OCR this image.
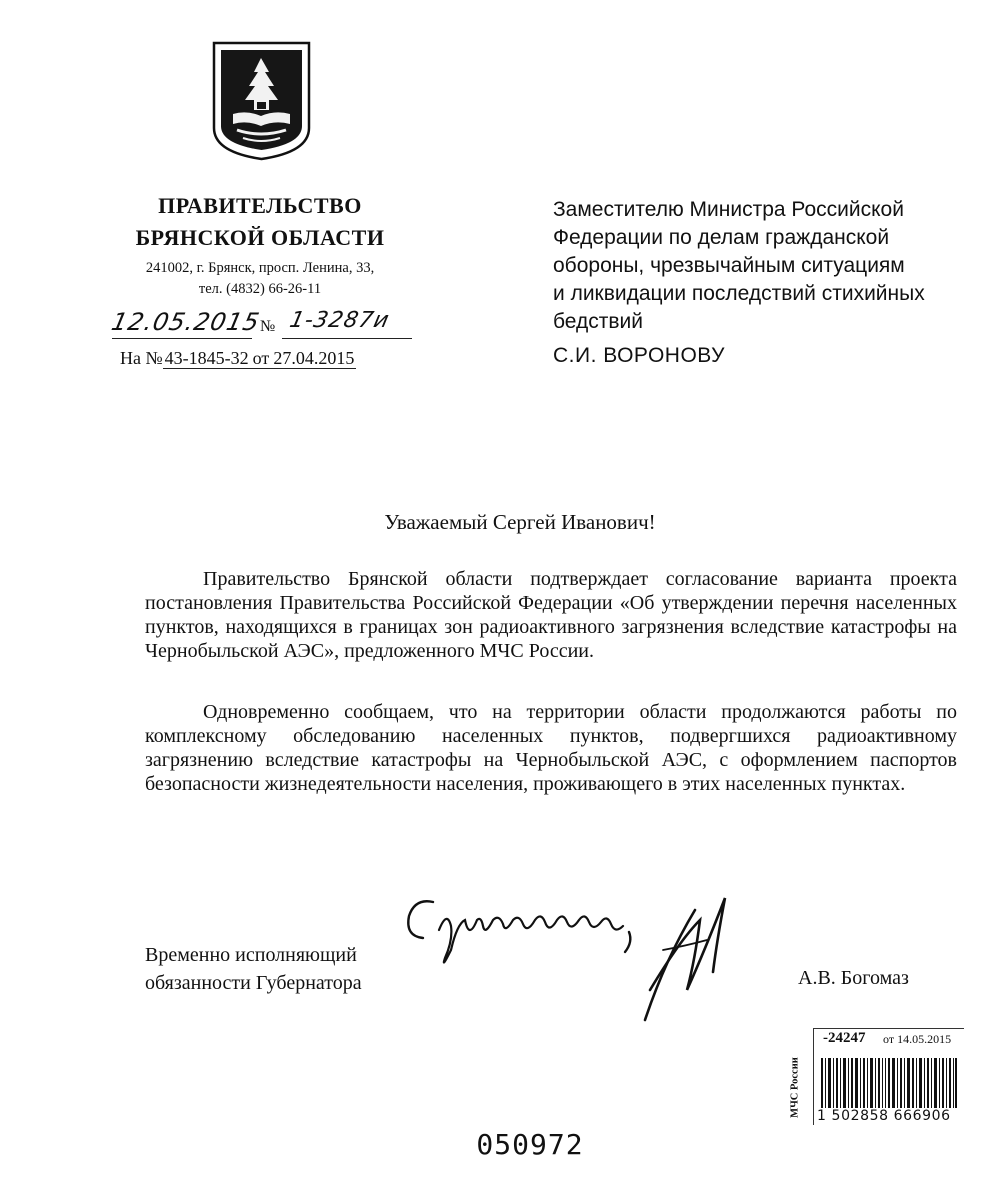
ПРАВИТЕЛЬСТВО
БРЯНСКОЙ ОБЛАСТИ
241002, г. Брянск, просп. Ленина, 33,
тел. (4832) 66-26-11
12.05.2015
№ 1-3287и
На № 43-1845-32 от 27.04.2015
Заместителю Министра Российской
Федерации по делам гражданской
обороны, чрезвычайным ситуациям
и ликвидации последствий стихийных
бедствий
С.И. ВОРОНОВУ
Уважаемый Сергей Иванович!
Правительство Брянской области подтверждает согласование варианта проекта постановления Правительства Российской Федерации «Об утверждении перечня населенных пунктов, находящихся в границах зон радиоактивного загрязнения вследствие катастрофы на Чернобыльской АЭС», предложенного МЧС России.
Одновременно сообщаем, что на территории области продолжаются работы по комплексному обследованию населенных пунктов, подвергшихся радиоактивному загрязнению вследствие катастрофы на Чернобыльской АЭС, с оформлением паспортов безопасности жизнедеятельности населения, проживающего в этих населенных пунктах.
Временно исполняющий
обязанности Губернатора	А.В. Богомаз
МЧС России
-24247 от 14.05.2015
1 502858 666906
050972
